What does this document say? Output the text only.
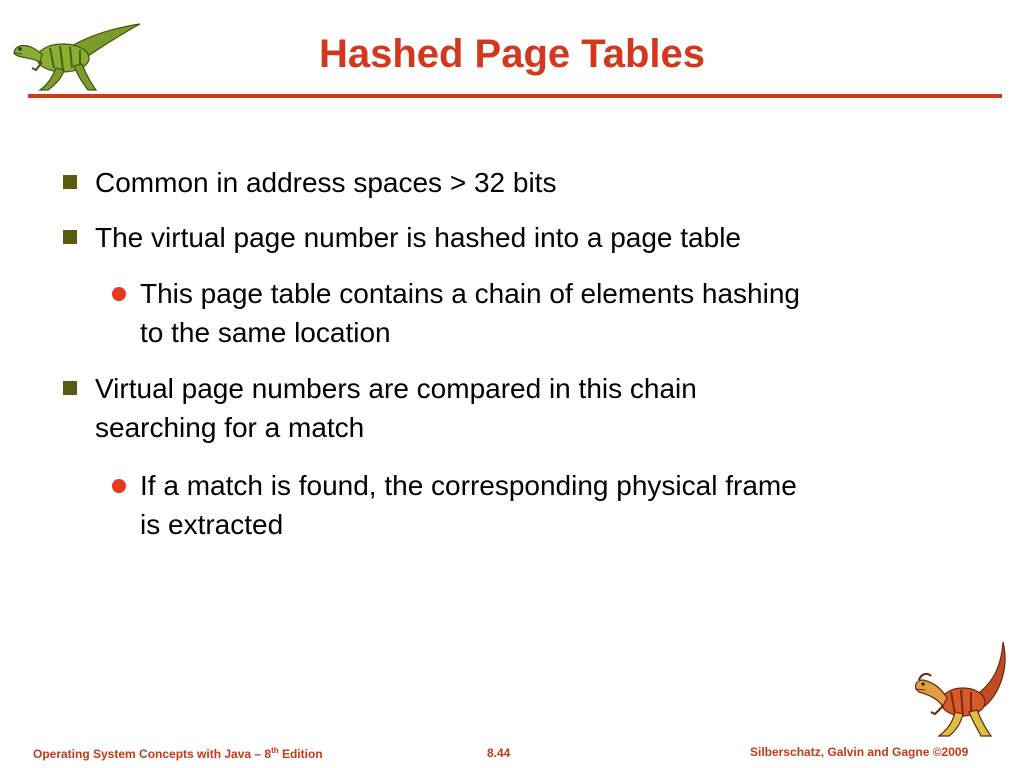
Hashed Page Tables
Common in address spaces > 32 bits
The virtual page number is hashed into a page table
This page table contains a chain of elements hashing
to the same location
Virtual page numbers are compared in this chain
searching for a match
If a match is found, the corresponding physical frame
is extracted
Operating System Concepts with Java – 8th Edition	8.44	Silberschatz, Galvin and Gagne ©2009
